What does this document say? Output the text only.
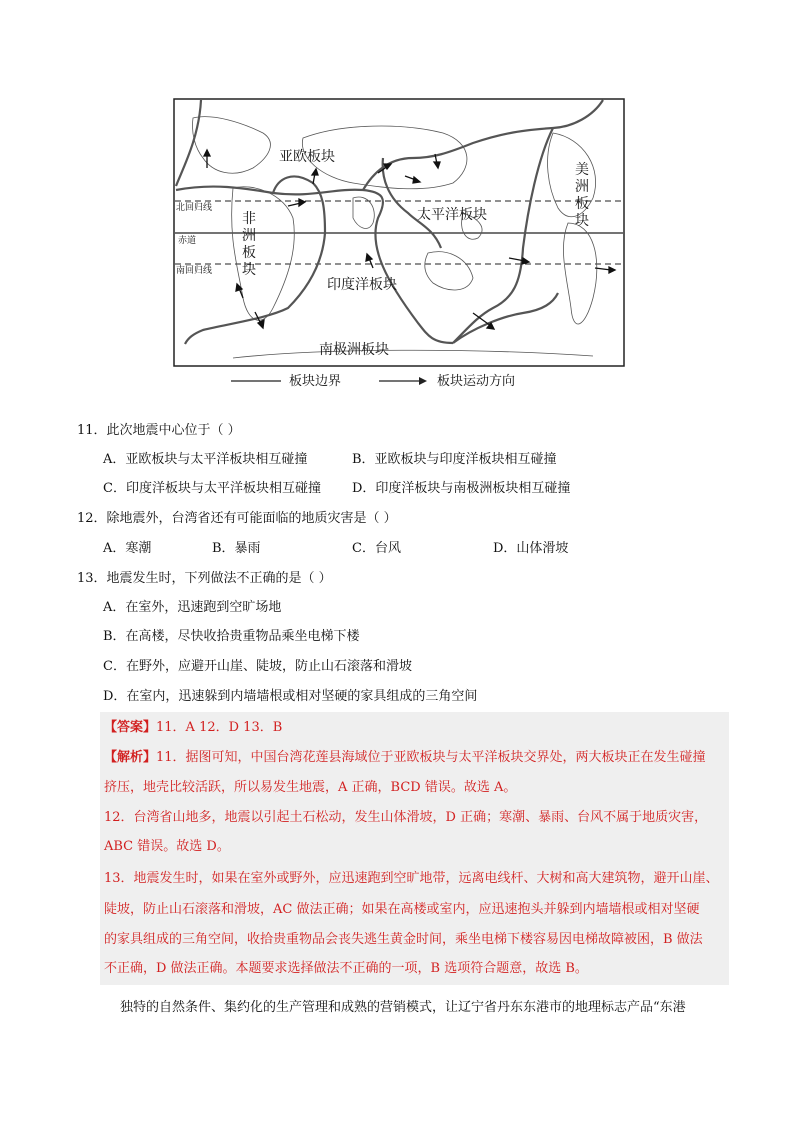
亚欧板块
太平洋板块
非洲板块
美洲板块
印度洋板块
南极洲板块
北回归线
赤道
南回归线
板块边界	板块运动方向
11．此次地震中心位于（ ）
A．亚欧板块与太平洋板块相互碰撞	B．亚欧板块与印度洋板块相互碰撞
C．印度洋板块与太平洋板块相互碰撞 D．印度洋板块与南极洲板块相互碰撞
12．除地震外，台湾省还有可能面临的地质灾害是（ ）
A．寒潮	B．暴雨	C．台风	D．山体滑坡
13．地震发生时，下列做法不正确的是（ ）
A．在室外，迅速跑到空旷场地
B．在高楼，尽快收拾贵重物品乘坐电梯下楼
C．在野外，应避开山崖、陡坡，防止山石滚落和滑坡
D．在室内，迅速躲到内墙墙根或相对坚硬的家具组成的三角空间
【答案】11．A 12．D 13．B
【解析】11．据图可知，中国台湾花莲县海域位于亚欧板块与太平洋板块交界处，两大板块正在发生碰撞
挤压，地壳比较活跃，所以易发生地震，A 正确，BCD 错误。故选 A。
12．台湾省山地多，地震以引起土石松动，发生山体滑坡，D 正确；寒潮、暴雨、台风不属于地质灾害，
ABC 错误。故选 D。
13．地震发生时，如果在室外或野外，应迅速跑到空旷地带，远离电线杆、大树和高大建筑物，避开山崖、
陡坡，防止山石滚落和滑坡，AC 做法正确；如果在高楼或室内，应迅速抱头并躲到内墙墙根或相对坚硬
的家具组成的三角空间，收拾贵重物品会丧失逃生黄金时间，乘坐电梯下楼容易因电梯故障被困，B 做法
不正确，D 做法正确。本题要求选择做法不正确的一项，B 选项符合题意，故选 B。
独特的自然条件、集约化的生产管理和成熟的营销模式，让辽宁省丹东东港市的地理标志产品“东港
